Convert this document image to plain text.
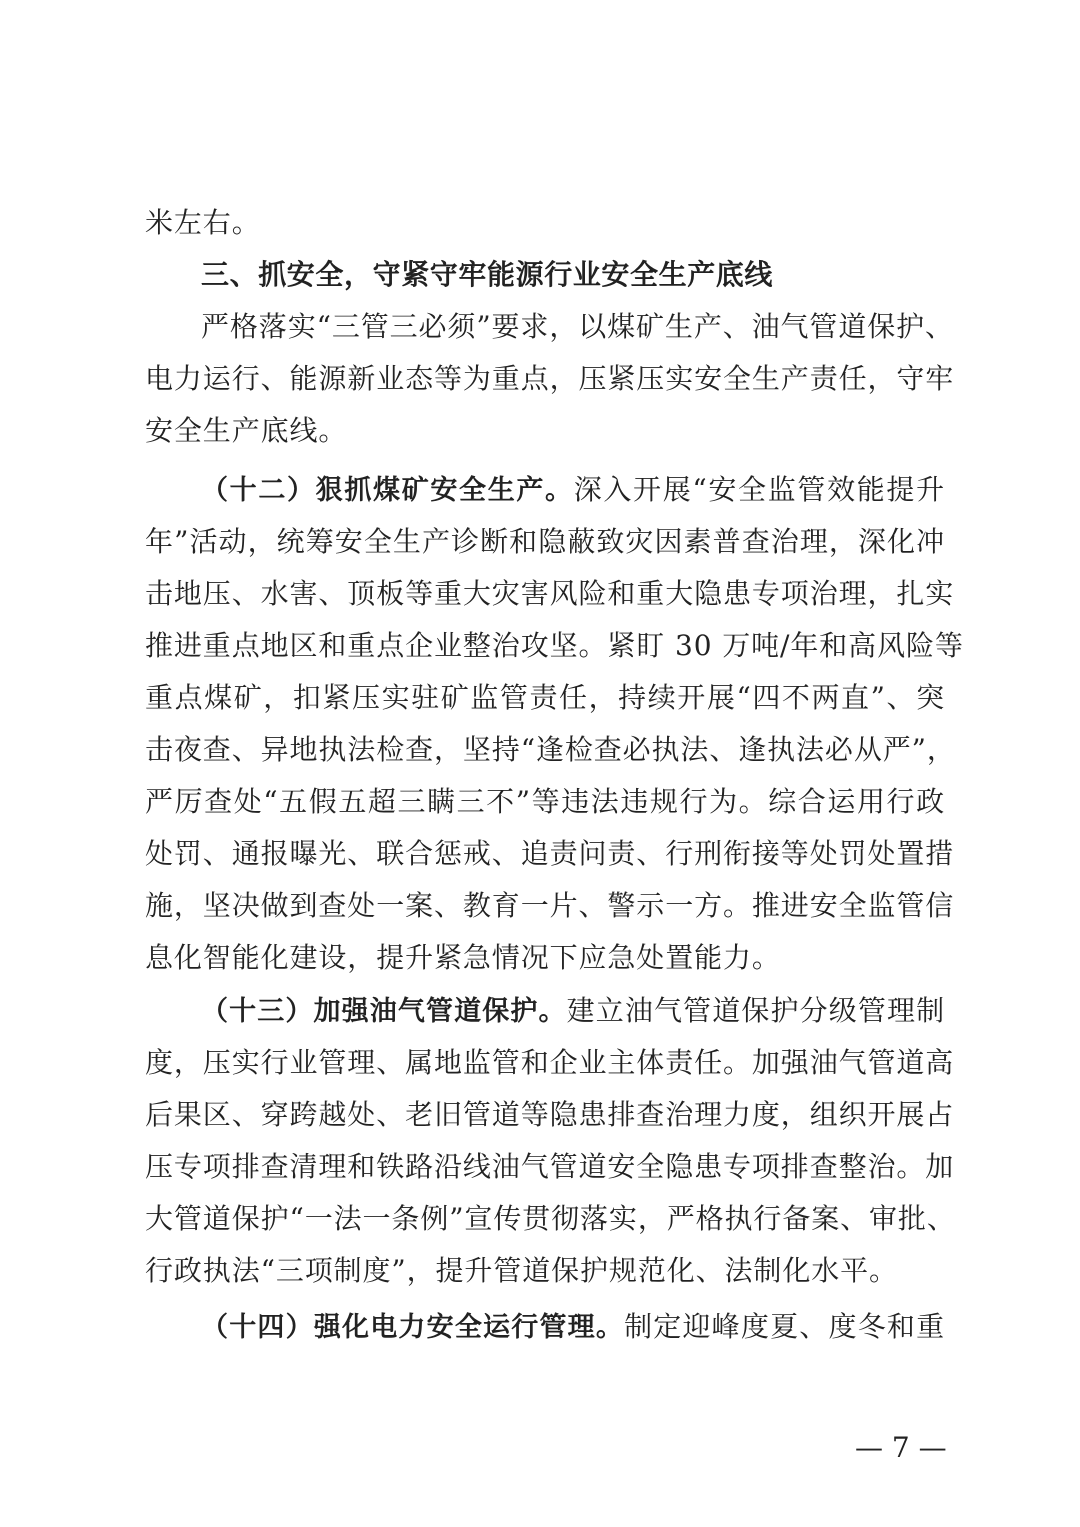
米左右。
三、抓安全，守紧守牢能源行业安全生产底线
严格落实“三管三必须”要求，以煤矿生产、油气管道保护、
电力运行、能源新业态等为重点，压紧压实安全生产责任，守牢
安全生产底线。
（十二）狠抓煤矿安全生产。深入开展“安全监管效能提升
年”活动，统筹安全生产诊断和隐蔽致灾因素普查治理，深化冲
击地压、水害、顶板等重大灾害风险和重大隐患专项治理，扎实
推进重点地区和重点企业整治攻坚。紧盯 30 万吨/年和高风险等
重点煤矿，扣紧压实驻矿监管责任，持续开展“四不两直”、突
击夜查、异地执法检查，坚持“逢检查必执法、逢执法必从严”，
严厉查处“五假五超三瞒三不”等违法违规行为。综合运用行政
处罚、通报曝光、联合惩戒、追责问责、行刑衔接等处罚处置措
施，坚决做到查处一案、教育一片、警示一方。推进安全监管信
息化智能化建设，提升紧急情况下应急处置能力。
（十三）加强油气管道保护。建立油气管道保护分级管理制
度，压实行业管理、属地监管和企业主体责任。加强油气管道高
后果区、穿跨越处、老旧管道等隐患排查治理力度，组织开展占
压专项排查清理和铁路沿线油气管道安全隐患专项排查整治。加
大管道保护“一法一条例”宣传贯彻落实，严格执行备案、审批、
行政执法“三项制度”，提升管道保护规范化、法制化水平。
（十四）强化电力安全运行管理。制定迎峰度夏、度冬和重
— 7 —
